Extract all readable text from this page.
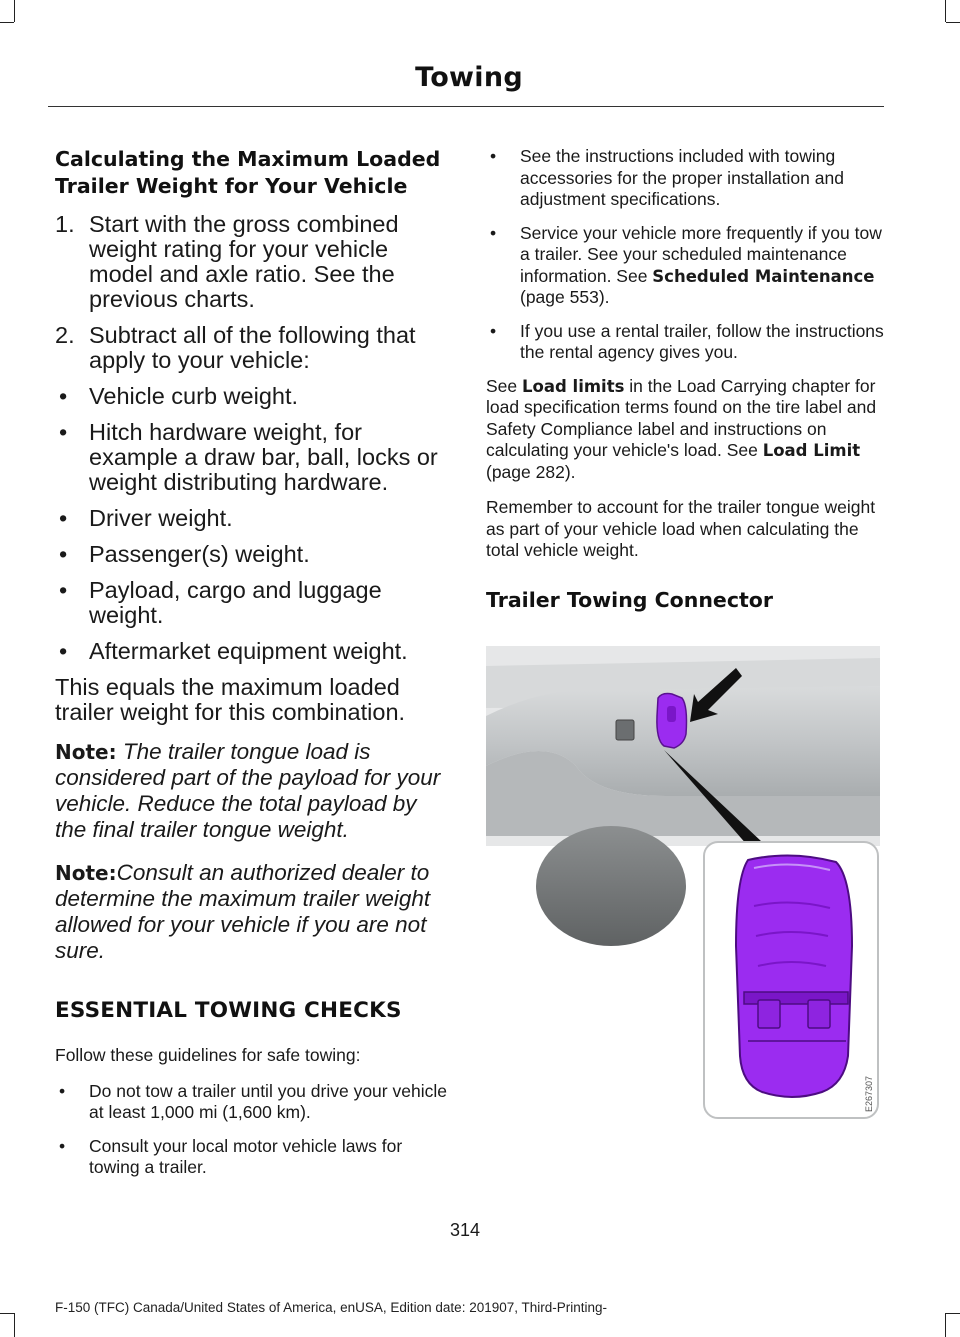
Towing
Calculating the Maximum Loaded Trailer Weight for Your Vehicle
1. Start with the gross combined weight rating for your vehicle model and axle ratio. See the previous charts.
2. Subtract all of the following that apply to your vehicle:
• Vehicle curb weight.
• Hitch hardware weight, for example a draw bar, ball, locks or weight distributing hardware.
• Driver weight.
• Passenger(s) weight.
• Payload, cargo and luggage weight.
• Aftermarket equipment weight.

This equals the maximum loaded trailer weight for this combination.

Note: The trailer tongue load is considered part of the payload for your vehicle. Reduce the total payload by the final trailer tongue weight.

Note:Consult an authorized dealer to determine the maximum trailer weight allowed for your vehicle if you are not sure.

ESSENTIAL TOWING CHECKS

Follow these guidelines for safe towing:

• Do not tow a trailer until you drive your vehicle at least 1,000 mi (1,600 km).
• Consult your local motor vehicle laws for towing a trailer.
• See the instructions included with towing accessories for the proper installation and adjustment specifications.
• Service your vehicle more frequently if you tow a trailer. See your scheduled maintenance information. See Scheduled Maintenance (page 553).
• If you use a rental trailer, follow the instructions the rental agency gives you.

See Load limits in the Load Carrying chapter for load specification terms found on the tire label and Safety Compliance label and instructions on calculating your vehicle's load. See Load Limit (page 282).

Remember to account for the trailer tongue weight as part of your vehicle load when calculating the total vehicle weight.

Trailer Towing Connector
E267307
314
F-150 (TFC) Canada/United States of America, enUSA, Edition date: 201907, Third-Printing-
